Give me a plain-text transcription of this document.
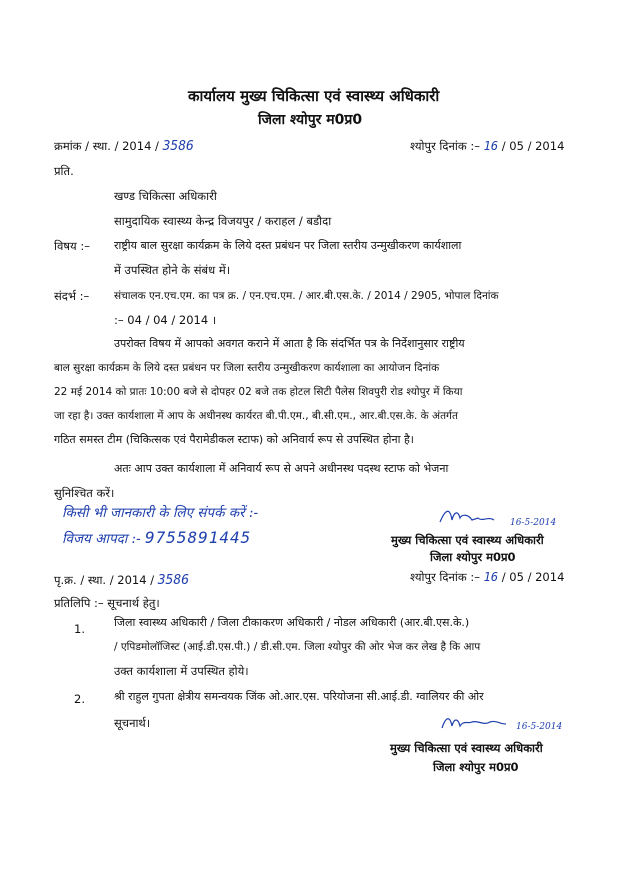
कार्यालय मुख्य चिकित्सा एवं स्वास्थ्य अधिकारी
जिला श्योपुर म0प्र0
क्रमांक / स्था. / 2014 / 3586	श्योपुर दिनांक :– 16 / 05 / 2014
प्रति.
खण्ड चिकित्सा अधिकारी
सामुदायिक स्वास्थ्य केन्द्र विजयपुर / कराहल / बडौदा
विषय :– राष्ट्रीय बाल सुरक्षा कार्यक्रम के लिये दस्त प्रबंधन पर जिला स्तरीय उन्मुखीकरण कार्यशाला
में उपस्थित होने के संबंध में।
संदर्भ :– संचालक एन.एच.एम. का पत्र क्र. / एन.एच.एम. / आर.बी.एस.के. / 2014 / 2905, भोपाल दिनांक
:– 04 / 04 / 2014 ।
उपरोक्त विषय में आपको अवगत कराने में आता है कि संदर्भित पत्र के निर्देशानुसार राष्ट्रीय
बाल सुरक्षा कार्यक्रम के लिये दस्त प्रबंधन पर जिला स्तरीय उन्मुखीकरण कार्यशाला का आयोजन दिनांक
22 मई 2014 को प्रातः 10:00 बजे से दोपहर 02 बजे तक होटल सिटी पैलेस शिवपुरी रोड श्योपुर में किया
जा रहा है। उक्त कार्यशाला में आप के अधीनस्थ कार्यरत बी.पी.एम., बी.सी.एम., आर.बी.एस.के. के अंतर्गत
गठित समस्त टीम (चिकित्सक एवं पैरामेडीकल स्टाफ) को अनिवार्य रूप से उपस्थित होना है।
अतः आप उक्त कार्यशाला में अनिवार्य रूप से अपने अधीनस्थ पदस्थ स्टाफ को भेजना
सुनिश्चित करें।
किसी भी जानकारी के लिए संपर्क करें :-
विजय आपदा :- 9755891445
16-5-2014
मुख्य चिकित्सा एवं स्वास्थ्य अधिकारी
जिला श्योपुर म0प्र0
पृ.क्र. / स्था. / 2014 / 3586	श्योपुर दिनांक :– 16 / 05 / 2014
प्रतिलिपि :– सूचनार्थ हेतु।
1.	जिला स्वास्थ्य अधिकारी / जिला टीकाकरण अधिकारी / नोडल अधिकारी (आर.बी.एस.के.)
/ एपिडमोलॉजिस्ट (आई.डी.एस.पी.) / डी.सी.एम. जिला श्योपुर की ओर भेज कर लेख है कि आप
उक्त कार्यशाला में उपस्थित होये।
2.	श्री राहुल गुपता क्षेत्रीय समन्वयक जिंक ओ.आर.एस. परियोजना सी.आई.डी. ग्वालियर की ओर
सूचनार्थ।	16-5-2014
मुख्य चिकित्सा एवं स्वास्थ्य अधिकारी
जिला श्योपुर म0प्र0
